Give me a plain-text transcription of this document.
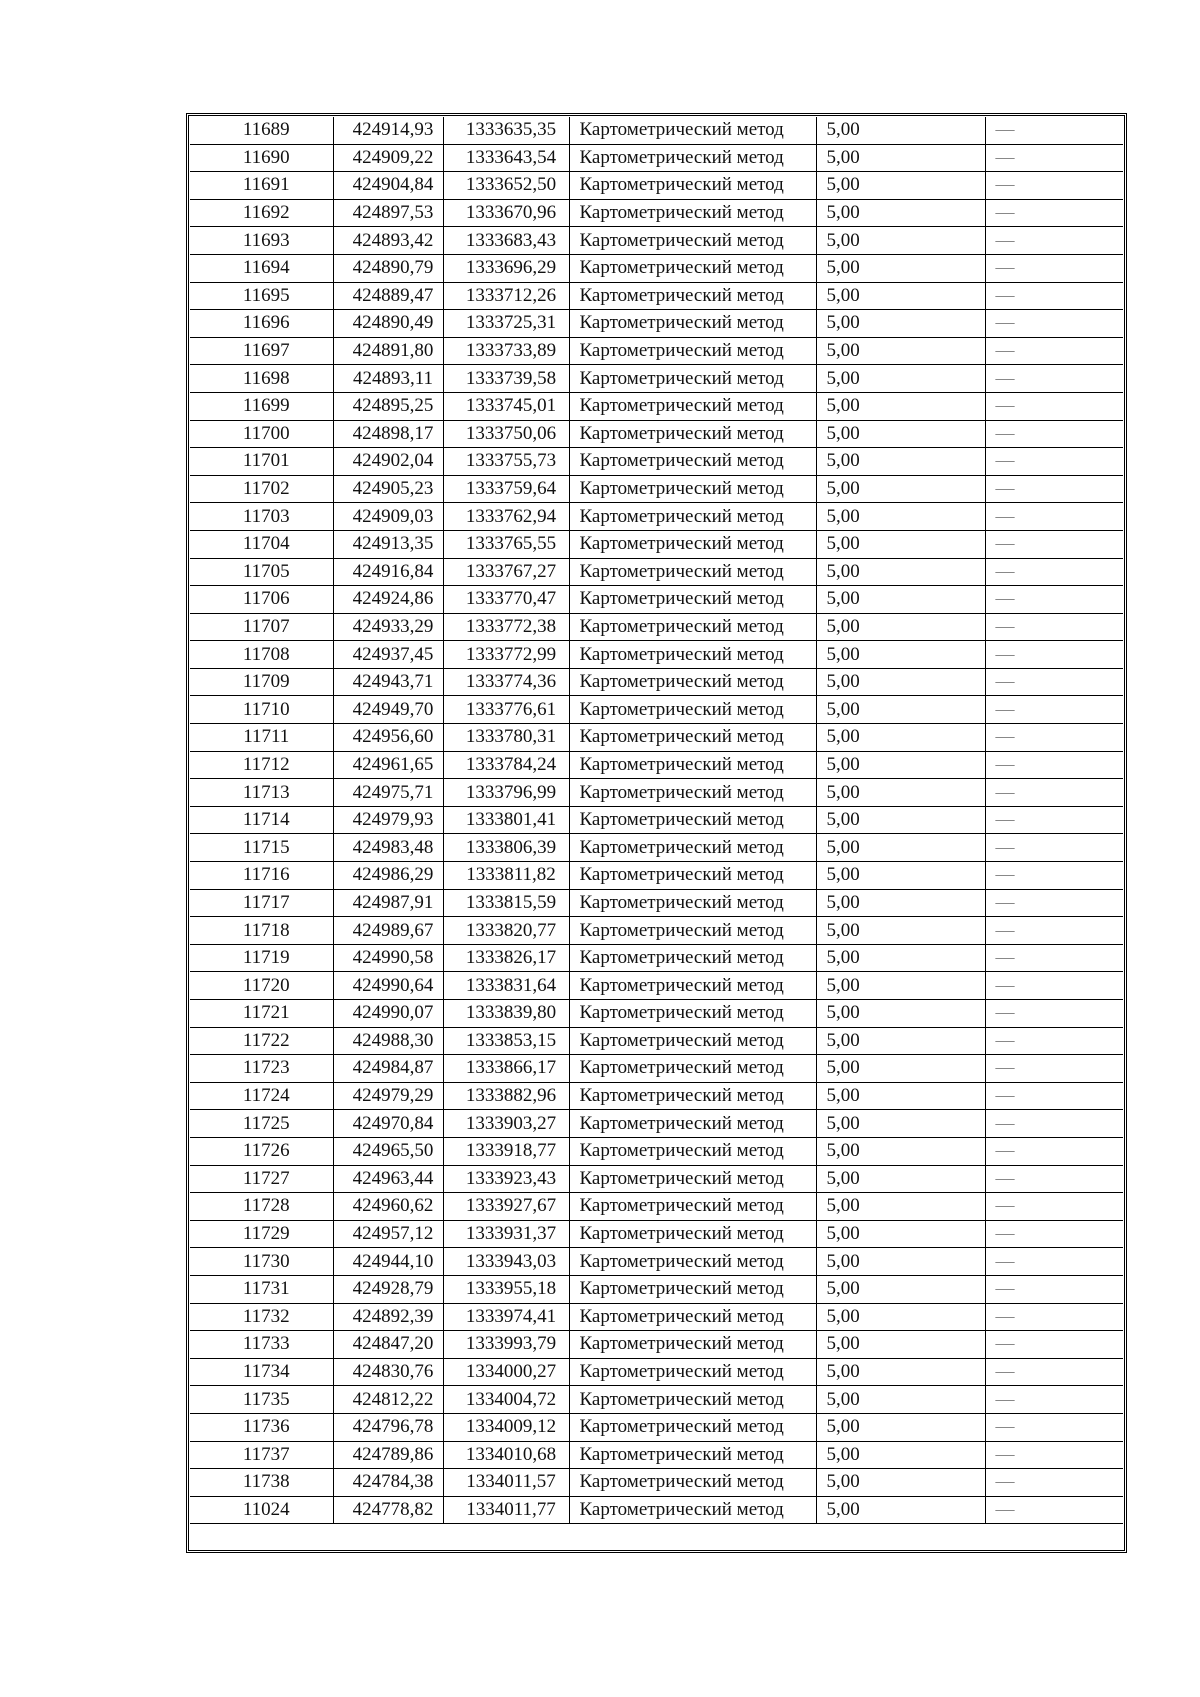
11689	424914,93	1333635,35	Картометрический метод	5,00	—
11690	424909,22	1333643,54	Картометрический метод	5,00	—
11691	424904,84	1333652,50	Картометрический метод	5,00	—
11692	424897,53	1333670,96	Картометрический метод	5,00	—
11693	424893,42	1333683,43	Картометрический метод	5,00	—
11694	424890,79	1333696,29	Картометрический метод	5,00	—
11695	424889,47	1333712,26	Картометрический метод	5,00	—
11696	424890,49	1333725,31	Картометрический метод	5,00	—
11697	424891,80	1333733,89	Картометрический метод	5,00	—
11698	424893,11	1333739,58	Картометрический метод	5,00	—
11699	424895,25	1333745,01	Картометрический метод	5,00	—
11700	424898,17	1333750,06	Картометрический метод	5,00	—
11701	424902,04	1333755,73	Картометрический метод	5,00	—
11702	424905,23	1333759,64	Картометрический метод	5,00	—
11703	424909,03	1333762,94	Картометрический метод	5,00	—
11704	424913,35	1333765,55	Картометрический метод	5,00	—
11705	424916,84	1333767,27	Картометрический метод	5,00	—
11706	424924,86	1333770,47	Картометрический метод	5,00	—
11707	424933,29	1333772,38	Картометрический метод	5,00	—
11708	424937,45	1333772,99	Картометрический метод	5,00	—
11709	424943,71	1333774,36	Картометрический метод	5,00	—
11710	424949,70	1333776,61	Картометрический метод	5,00	—
11711	424956,60	1333780,31	Картометрический метод	5,00	—
11712	424961,65	1333784,24	Картометрический метод	5,00	—
11713	424975,71	1333796,99	Картометрический метод	5,00	—
11714	424979,93	1333801,41	Картометрический метод	5,00	—
11715	424983,48	1333806,39	Картометрический метод	5,00	—
11716	424986,29	1333811,82	Картометрический метод	5,00	—
11717	424987,91	1333815,59	Картометрический метод	5,00	—
11718	424989,67	1333820,77	Картометрический метод	5,00	—
11719	424990,58	1333826,17	Картометрический метод	5,00	—
11720	424990,64	1333831,64	Картометрический метод	5,00	—
11721	424990,07	1333839,80	Картометрический метод	5,00	—
11722	424988,30	1333853,15	Картометрический метод	5,00	—
11723	424984,87	1333866,17	Картометрический метод	5,00	—
11724	424979,29	1333882,96	Картометрический метод	5,00	—
11725	424970,84	1333903,27	Картометрический метод	5,00	—
11726	424965,50	1333918,77	Картометрический метод	5,00	—
11727	424963,44	1333923,43	Картометрический метод	5,00	—
11728	424960,62	1333927,67	Картометрический метод	5,00	—
11729	424957,12	1333931,37	Картометрический метод	5,00	—
11730	424944,10	1333943,03	Картометрический метод	5,00	—
11731	424928,79	1333955,18	Картометрический метод	5,00	—
11732	424892,39	1333974,41	Картометрический метод	5,00	—
11733	424847,20	1333993,79	Картометрический метод	5,00	—
11734	424830,76	1334000,27	Картометрический метод	5,00	—
11735	424812,22	1334004,72	Картометрический метод	5,00	—
11736	424796,78	1334009,12	Картометрический метод	5,00	—
11737	424789,86	1334010,68	Картометрический метод	5,00	—
11738	424784,38	1334011,57	Картометрический метод	5,00	—
11024	424778,82	1334011,77	Картометрический метод	5,00	—
